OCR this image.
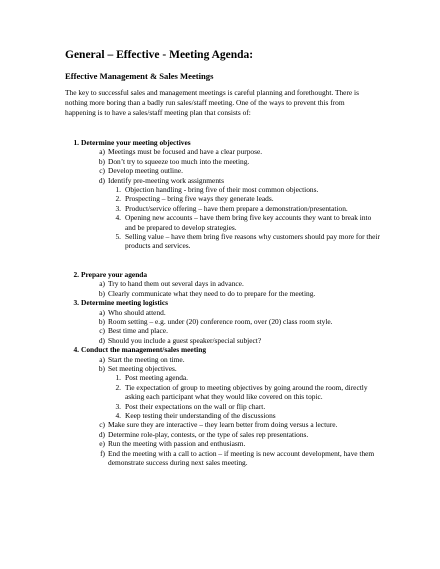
General – Effective - Meeting Agenda:
Effective Management & Sales Meetings
The key to successful sales and management meetings is careful planning and forethought. There is nothing more boring than a badly run sales/staff meeting. One of the ways to prevent this from happening is to have a sales/staff meeting plan that consists of:
1. Determine your meeting objectives
a) Meetings must be focused and have a clear purpose.
b) Don’t try to squeeze too much into the meeting.
c) Develop meeting outline.
d) Identify pre-meeting work assignments
1. Objection handling - bring five of their most common objections.
2. Prospecting – bring five ways they generate leads.
3. Product/service offering – have them prepare a demonstration/presentation.
4. Opening new accounts – have them bring five key accounts they want to break into and be prepared to develop strategies.
5. Selling value – have them bring five reasons why customers should pay more for their products and services.
2. Prepare your agenda
a) Try to hand them out several days in advance.
b) Clearly communicate what they need to do to prepare for the meeting.
3. Determine meeting logistics
a) Who should attend.
b) Room setting – e.g. under (20) conference room, over (20) class room style.
c) Best time and place.
d) Should you include a guest speaker/special subject?
4. Conduct the management/sales meeting
a) Start the meeting on time.
b) Set meeting objectives.
1. Post meeting agenda.
2. Tie expectation of group to meeting objectives by going around the room, directly asking each participant what they would like covered on this topic.
3. Post their expectations on the wall or flip chart.
4. Keep testing their understanding of the discussions
c) Make sure they are interactive – they learn better from doing versus a lecture.
d) Determine role-play, contests, or the type of sales rep presentations.
e) Run the meeting with passion and enthusiasm.
f) End the meeting with a call to action – if meeting is new account development, have them demonstrate success during next sales meeting.
